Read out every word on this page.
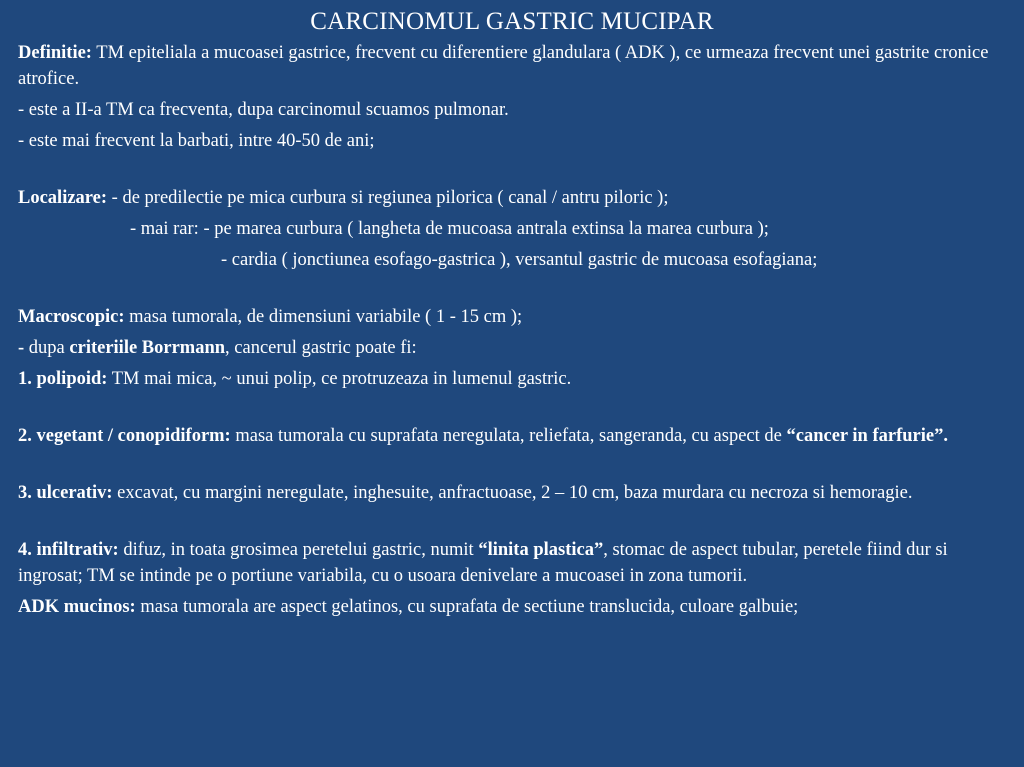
CARCINOMUL GASTRIC MUCIPAR

Definitie: TM epiteliala a mucoasei gastrice, frecvent cu diferentiere glandulara ( ADK ), ce urmeaza frecvent unei gastrite cronice atrofice.

- este a II-a TM ca frecventa, dupa carcinomul scuamos pulmonar.

- este mai frecvent la barbati, intre 40-50 de ani;

Localizare: - de predilectie pe mica curbura si regiunea pilorica ( canal / antru piloric );

- mai rar: - pe marea curbura ( langheta de mucoasa antrala extinsa la marea curbura );

- cardia ( jonctiunea esofago-gastrica ), versantul gastric de mucoasa esofagiana;

Macroscopic: masa tumorala, de dimensiuni variabile ( 1 - 15 cm );

- dupa criteriile Borrmann, cancerul gastric poate fi:

1. polipoid: TM mai mica, ~ unui polip, ce protruzeaza in lumenul gastric.

2. vegetant / conopidiform: masa tumorala cu suprafata neregulata, reliefata, sangeranda, cu aspect de “cancer in farfurie”.

3. ulcerativ: excavat, cu margini neregulate, inghesuite, anfractuoase, 2 – 10 cm, baza murdara cu necroza si hemoragie.

4. infiltrativ: difuz, in toata grosimea peretelui gastric, numit “linita plastica”, stomac de aspect tubular, peretele fiind dur si ingrosat; TM se intinde pe o portiune variabila, cu o usoara denivelare a mucoasei in zona tumorii.

ADK mucinos: masa tumorala are aspect gelatinos, cu suprafata de sectiune translucida, culoare galbuie;
